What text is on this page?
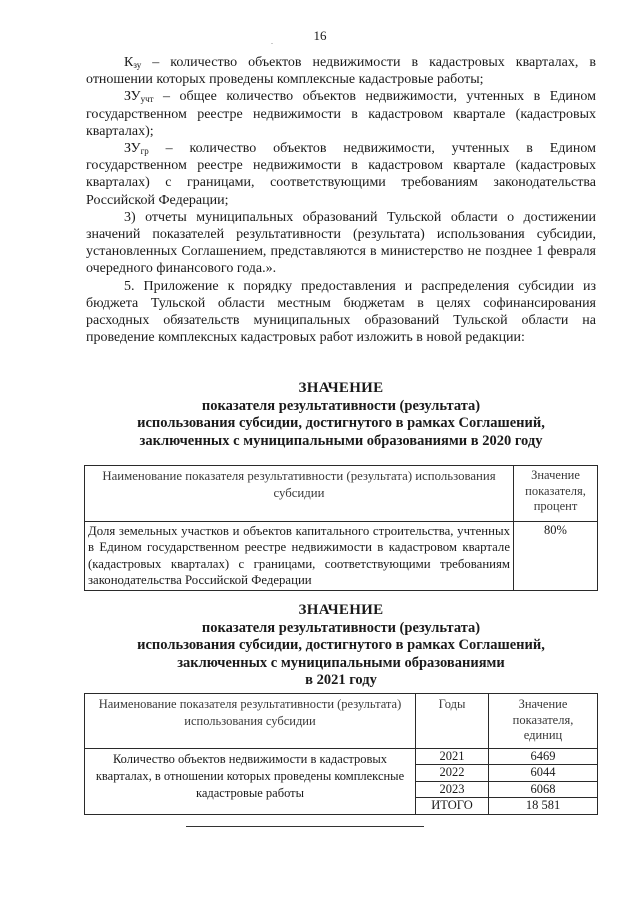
16
.

$К_{зу}$ – количество объектов недвижимости в кадастровых кварталах, в отношении которых проведены комплексные кадастровые работы;

$ЗУ_{учт}$ – общее количество объектов недвижимости, учтенных в Едином государственном реестре недвижимости в кадастровом квартале (кадастровых кварталах);

$ЗУ_{гр}$ – количество объектов недвижимости, учтенных в Едином государственном реестре недвижимости в кадастровом квартале (кадастровых кварталах) с границами, соответствующими требованиям законодательства Российской Федерации;

3) отчеты муниципальных образований Тульской области о достижении значений показателей результативности (результата) использования субсидии, установленных Соглашением, представляются в министерство не позднее 1 февраля очередного финансового года.».

5. Приложение к порядку предоставления и распределения субсидии из бюджета Тульской области местным бюджетам в целях софинансирования расходных обязательств муниципальных образований Тульской области на проведение комплексных кадастровых работ изложить в новой редакции:

ЗНАЧЕНИЕ
показателя результативности (результата)
использования субсидии, достигнутого в рамках Соглашений,
заключенных с муниципальными образованиями в 2020 году
Наименование показателя результативности (результата) использования субсидии	Значение показателя, процент
Доля земельных участков и объектов капитального строительства, учтенных в Едином государственном реестре недвижимости в кадастровом квартале (кадастровых кварталах) с границами, соответствующими требованиям законодательства Российской Федерации	80%
ЗНАЧЕНИЕ
показателя результативности (результата)
использования субсидии, достигнутого в рамках Соглашений,
заключенных с муниципальными образованиями
в 2021 году
Наименование показателя результативности (результата) использования субсидии	Годы	Значение показателя, единиц
Количество объектов недвижимости в кадастровых кварталах, в отношении которых проведены комплексные кадастровые работы	2021	6469
	2022	6044
	2023	6068
	ИТОГО	18 581
